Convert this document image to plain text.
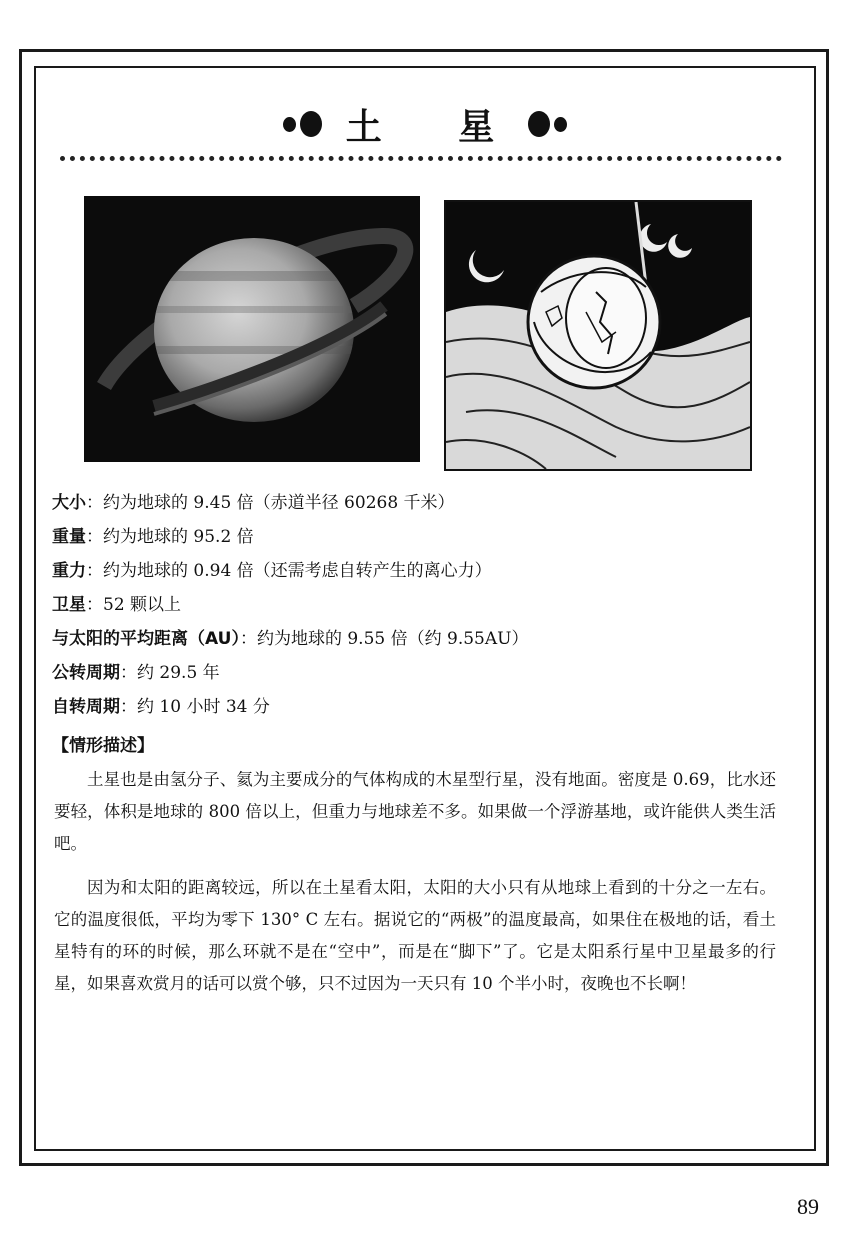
土 星
大小：约为地球的 9.45 倍（赤道半径 60268 千米）
重量：约为地球的 95.2 倍
重力：约为地球的 0.94 倍（还需考虑自转产生的离心力）
卫星：52 颗以上
与太阳的平均距离（AU）：约为地球的 9.55 倍（约 9.55AU）
公转周期：约 29.5 年
自转周期：约 10 小时 34 分
【情形描述】

土星也是由氢分子、氦为主要成分的气体构成的木星型行星，没有地面。密度是 0.69，比水还要轻，体积是地球的 800 倍以上，但重力与地球差不多。如果做一个浮游基地，或许能供人类生活吧。

因为和太阳的距离较远，所以在土星看太阳，太阳的大小只有从地球上看到的十分之一左右。它的温度很低，平均为零下 130° C 左右。据说它的“两极”的温度最高，如果住在极地的话，看土星特有的环的时候，那么环就不是在“空中”，而是在“脚下”了。它是太阳系行星中卫星最多的行星，如果喜欢赏月的话可以赏个够，只不过因为一天只有 10 个半小时，夜晚也不长啊！

89
